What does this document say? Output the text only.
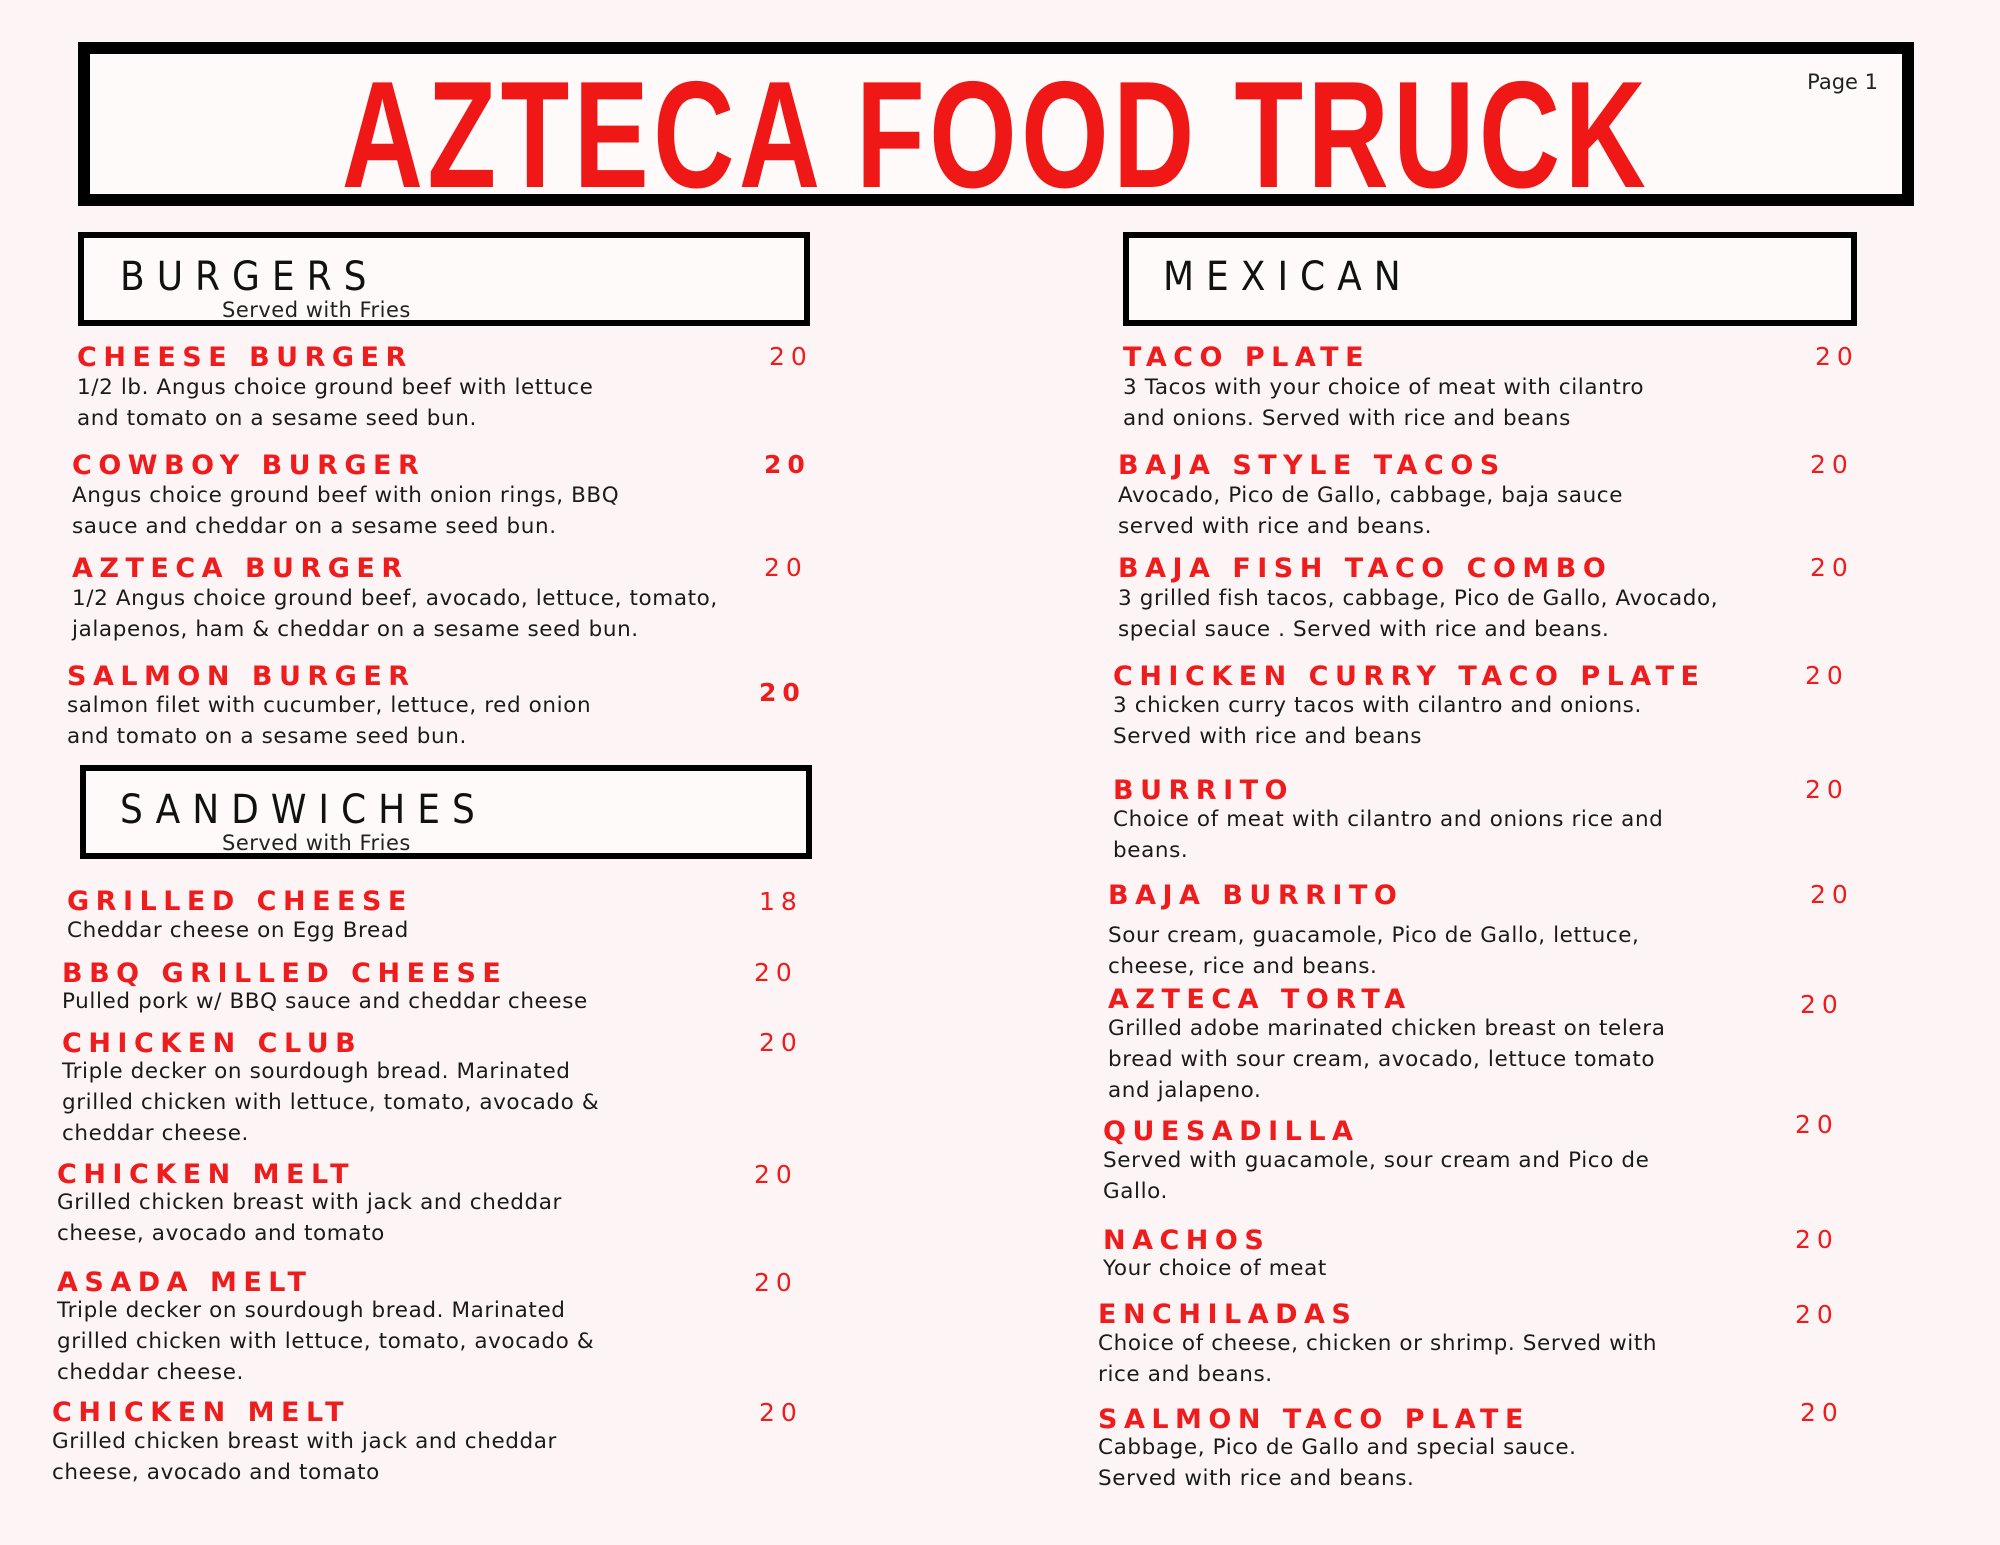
AZTECA FOOD TRUCK	Page 1
BURGERS
Served with Fries
CHEESE BURGER	20
1/2 lb. Angus choice ground beef with lettuce
and tomato on a sesame seed bun.
COWBOY BURGER	20
Angus choice ground beef with onion rings, BBQ
sauce and cheddar on a sesame seed bun.
AZTECA BURGER	20
1/2 Angus choice ground beef, avocado, lettuce, tomato,
jalapenos, ham & cheddar on a sesame seed bun.
SALMON BURGER
20
salmon filet with cucumber, lettuce, red onion
and tomato on a sesame seed bun.
SANDWICHES
Served with Fries
GRILLED CHEESE	18
Cheddar cheese on Egg Bread
BBQ GRILLED CHEESE	20
Pulled pork w/ BBQ sauce and cheddar cheese
CHICKEN CLUB	20
Triple decker on sourdough bread. Marinated
grilled chicken with lettuce, tomato, avocado &
cheddar cheese.
CHICKEN MELT	20
Grilled chicken breast with jack and cheddar
cheese, avocado and tomato
ASADA MELT	20
Triple decker on sourdough bread. Marinated
grilled chicken with lettuce, tomato, avocado &
cheddar cheese.
CHICKEN MELT	20
Grilled chicken breast with jack and cheddar
cheese, avocado and tomato
MEXICAN
TACO PLATE	20
3 Tacos with your choice of meat with cilantro
and onions. Served with rice and beans
BAJA STYLE TACOS	20
Avocado, Pico de Gallo, cabbage, baja sauce
served with rice and beans.
BAJA FISH TACO COMBO	20
3 grilled fish tacos, cabbage, Pico de Gallo, Avocado,
special sauce . Served with rice and beans.
CHICKEN CURRY TACO PLATE	20
3 chicken curry tacos with cilantro and onions.
Served with rice and beans
BURRITO	20
Choice of meat with cilantro and onions rice and
beans.
BAJA BURRITO	20
Sour cream, guacamole, Pico de Gallo, lettuce,
cheese, rice and beans.
AZTECA TORTA	20
Grilled adobe marinated chicken breast on telera
bread with sour cream, avocado, lettuce tomato
and jalapeno.
QUESADILLA	20
Served with guacamole, sour cream and Pico de
Gallo.
NACHOS	20
Your choice of meat
ENCHILADAS	20
Choice of cheese, chicken or shrimp. Served with
rice and beans.
SALMON TACO PLATE	20
Cabbage, Pico de Gallo and special sauce.
Served with rice and beans.
